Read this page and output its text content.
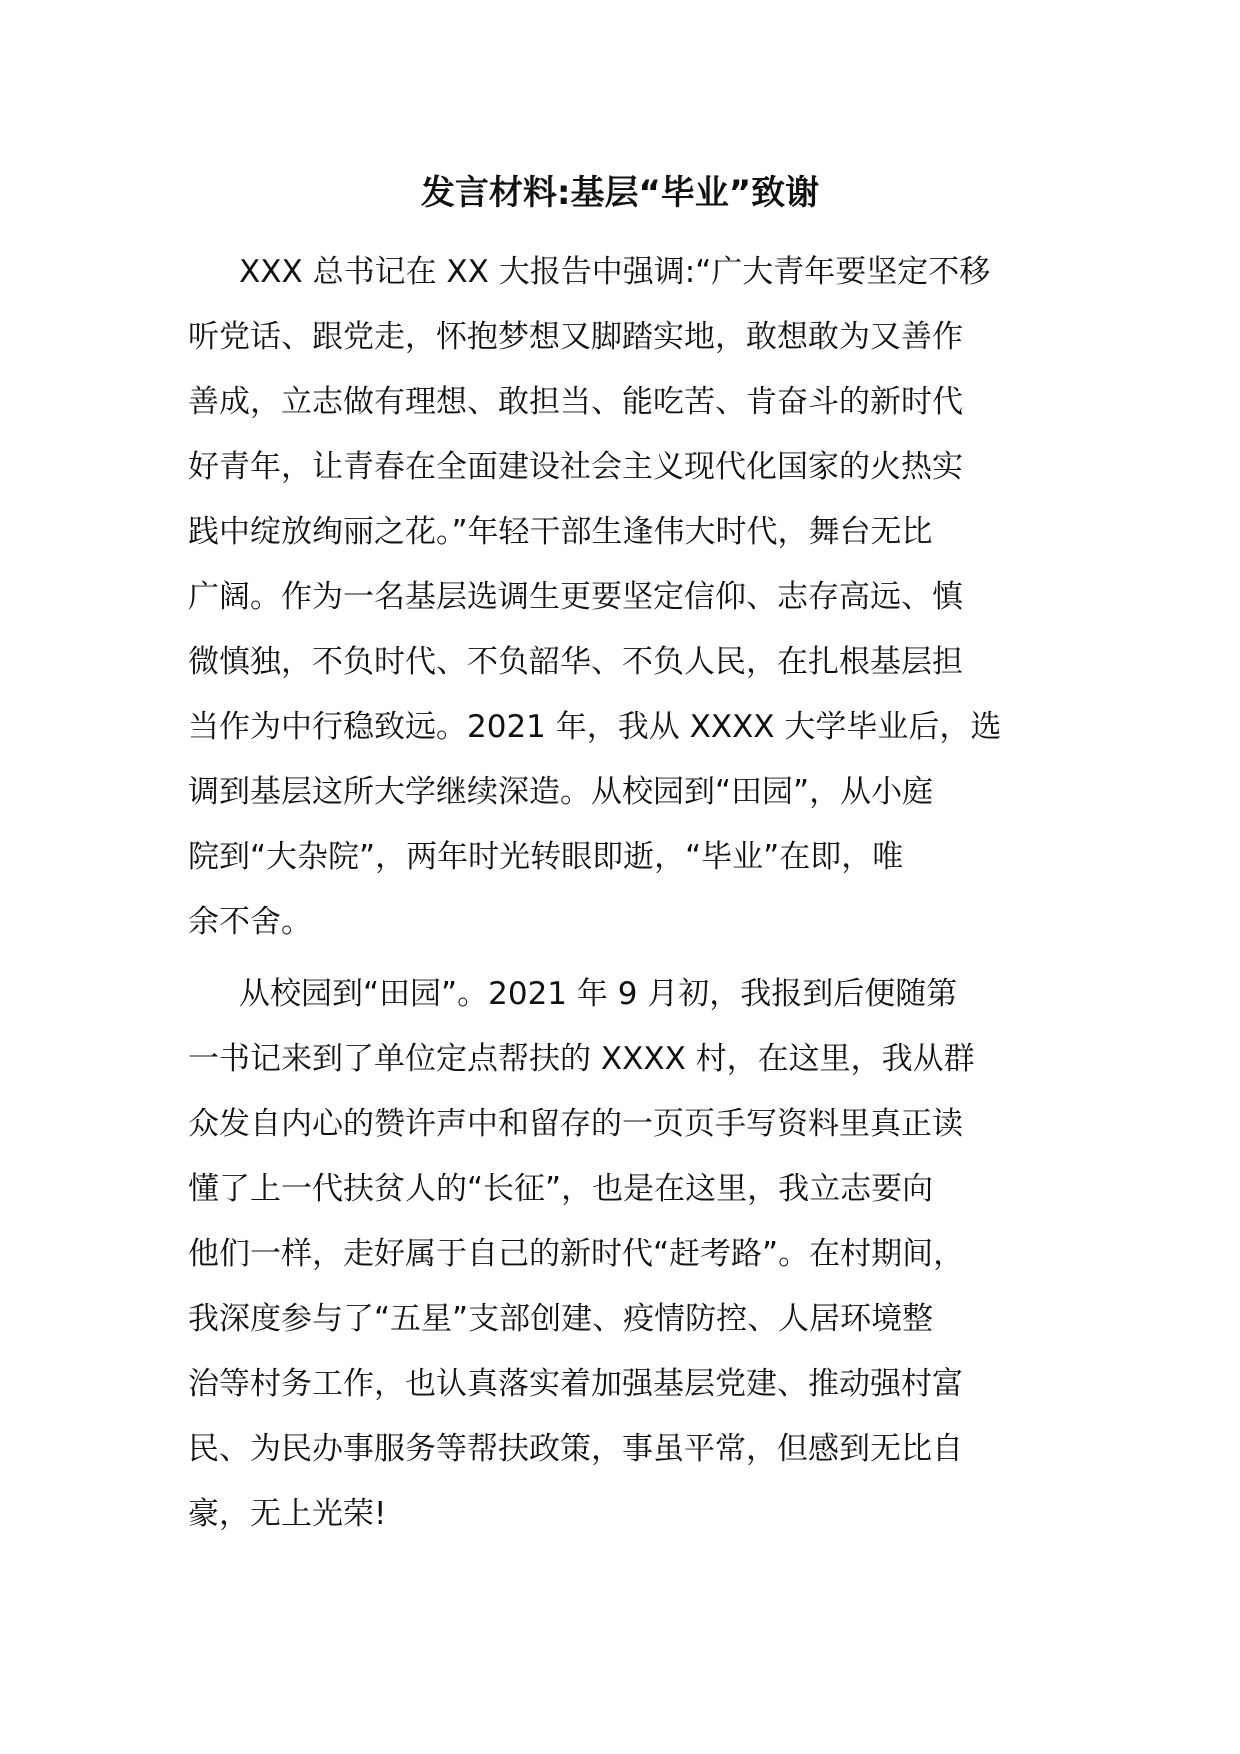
发言材料:基层“毕业”致谢

XXX 总书记在 XX 大报告中强调:“广大青年要坚定不移
听党话、跟党走，怀抱梦想又脚踏实地，敢想敢为又善作
善成，立志做有理想、敢担当、能吃苦、肯奋斗的新时代
好青年，让青春在全面建设社会主义现代化国家的火热实
践中绽放绚丽之花。”年轻干部生逢伟大时代，舞台无比
广阔。作为一名基层选调生更要坚定信仰、志存高远、慎
微慎独，不负时代、不负韶华、不负人民，在扎根基层担
当作为中行稳致远。2021 年，我从 XXXX 大学毕业后，选
调到基层这所大学继续深造。从校园到“田园”，从小庭
院到“大杂院”，两年时光转眼即逝，“毕业”在即，唯
余不舍。

从校园到“田园”。2021 年 9 月初，我报到后便随第
一书记来到了单位定点帮扶的 XXXX 村，在这里，我从群
众发自内心的赞许声中和留存的一页页手写资料里真正读
懂了上一代扶贫人的“长征”，也是在这里，我立志要向
他们一样，走好属于自己的新时代“赶考路”。在村期间，
我深度参与了“五星”支部创建、疫情防控、人居环境整
治等村务工作，也认真落实着加强基层党建、推动强村富
民、为民办事服务等帮扶政策，事虽平常，但感到无比自
豪，无上光荣!
